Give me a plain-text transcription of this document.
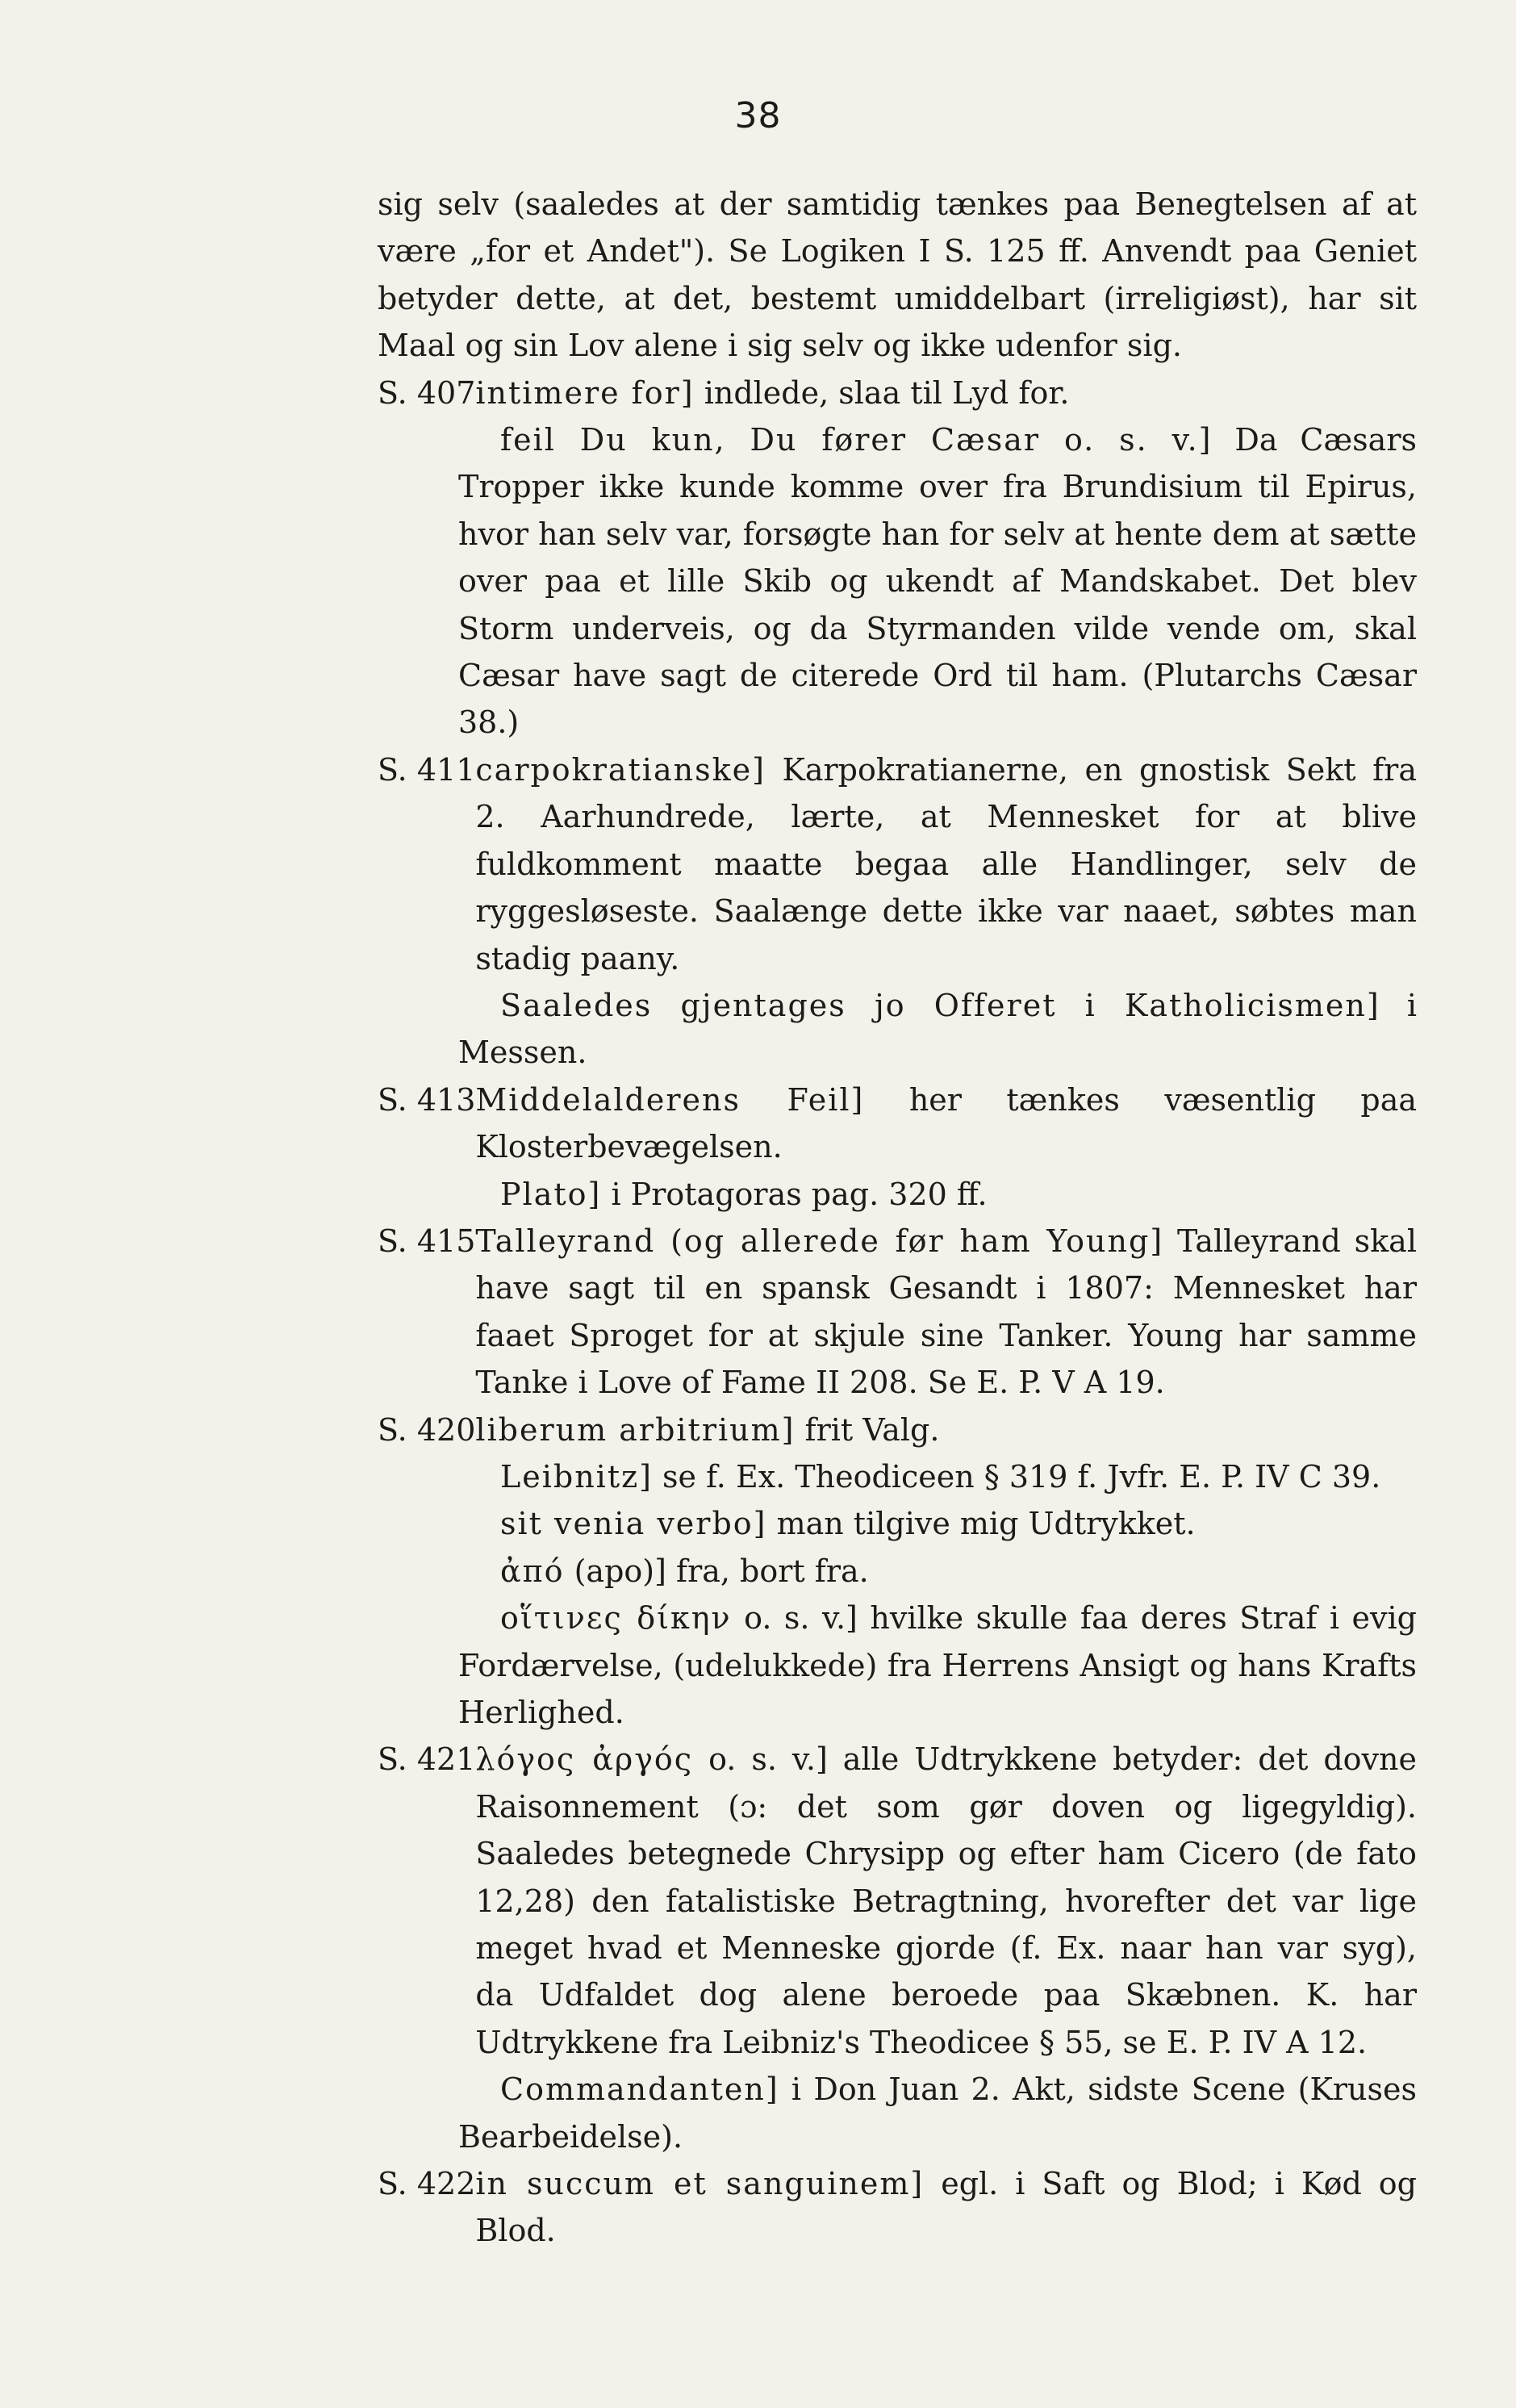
38

sig selv (saaledes at der samtidig tænkes paa Benegtelsen af at være „for et Andet"). Se Logiken I S. 125 ff. Anvendt paa Geniet betyder dette, at det, bestemt umiddelbart (irreligiøst), har sit Maal og sin Lov alene i sig selv og ikke udenfor sig.

S. 407 intimere for] indlede, slaa til Lyd for.

feil Du kun, Du fører Cæsar o. s. v.] Da Cæsars Tropper ikke kunde komme over fra Brundisium til Epirus, hvor han selv var, forsøgte han for selv at hente dem at sætte over paa et lille Skib og ukendt af Mandskabet. Det blev Storm underveis, og da Styrmanden vilde vende om, skal Cæsar have sagt de citerede Ord til ham. (Plutarchs Cæsar 38.)

S. 411 carpokratianske] Karpokratianerne, en gnostisk Sekt fra 2. Aarhundrede, lærte, at Mennesket for at blive fuldkomment maatte begaa alle Handlinger, selv de ryggesløseste. Saalænge dette ikke var naaet, søbtes man stadig paany.

Saaledes gjentages jo Offeret i Katholicismen] i Messen.

S. 413 Middelalderens Feil] her tænkes væsentlig paa Klosterbevægelsen.

Plato] i Protagoras pag. 320 ff.

S. 415 Talleyrand (og allerede før ham Young] Talleyrand skal have sagt til en spansk Gesandt i 1807: Mennesket har faaet Sproget for at skjule sine Tanker. Young har samme Tanke i Love of Fame II 208. Se E. P. V A 19.
S. 420 liberum arbitrium] frit Valg.

Leibnitz] se f. Ex. Theodiceen § 319 f. Jvfr. E. P. IV C 39.

sit venia verbo] man tilgive mig Udtrykket.

ἀπό (apo)] fra, bort fra.

οἵτινες δίκην o. s. v.] hvilke skulle faa deres Straf i evig Fordærvelse, (udelukkede) fra Herrens Ansigt og hans Krafts Herlighed.

S. 421 λόγος ἀργός o. s. v.] alle Udtrykkene betyder: det dovne Raisonnement (ɔ: det som gør doven og ligegyldig). Saaledes betegnede Chrysipp og efter ham Cicero (de fato 12,28) den fatalistiske Betragtning, hvorefter det var lige meget hvad et Menneske gjorde (f. Ex. naar han var syg), da Udfaldet dog alene beroede paa Skæbnen. K. har Udtrykkene fra Leibniz's Theodicee § 55, se E. P. IV A 12.

Commandanten] i Don Juan 2. Akt, sidste Scene (Kruses Bearbeidelse).

S. 422 in succum et sanguinem] egl. i Saft og Blod; i Kød og Blod.
